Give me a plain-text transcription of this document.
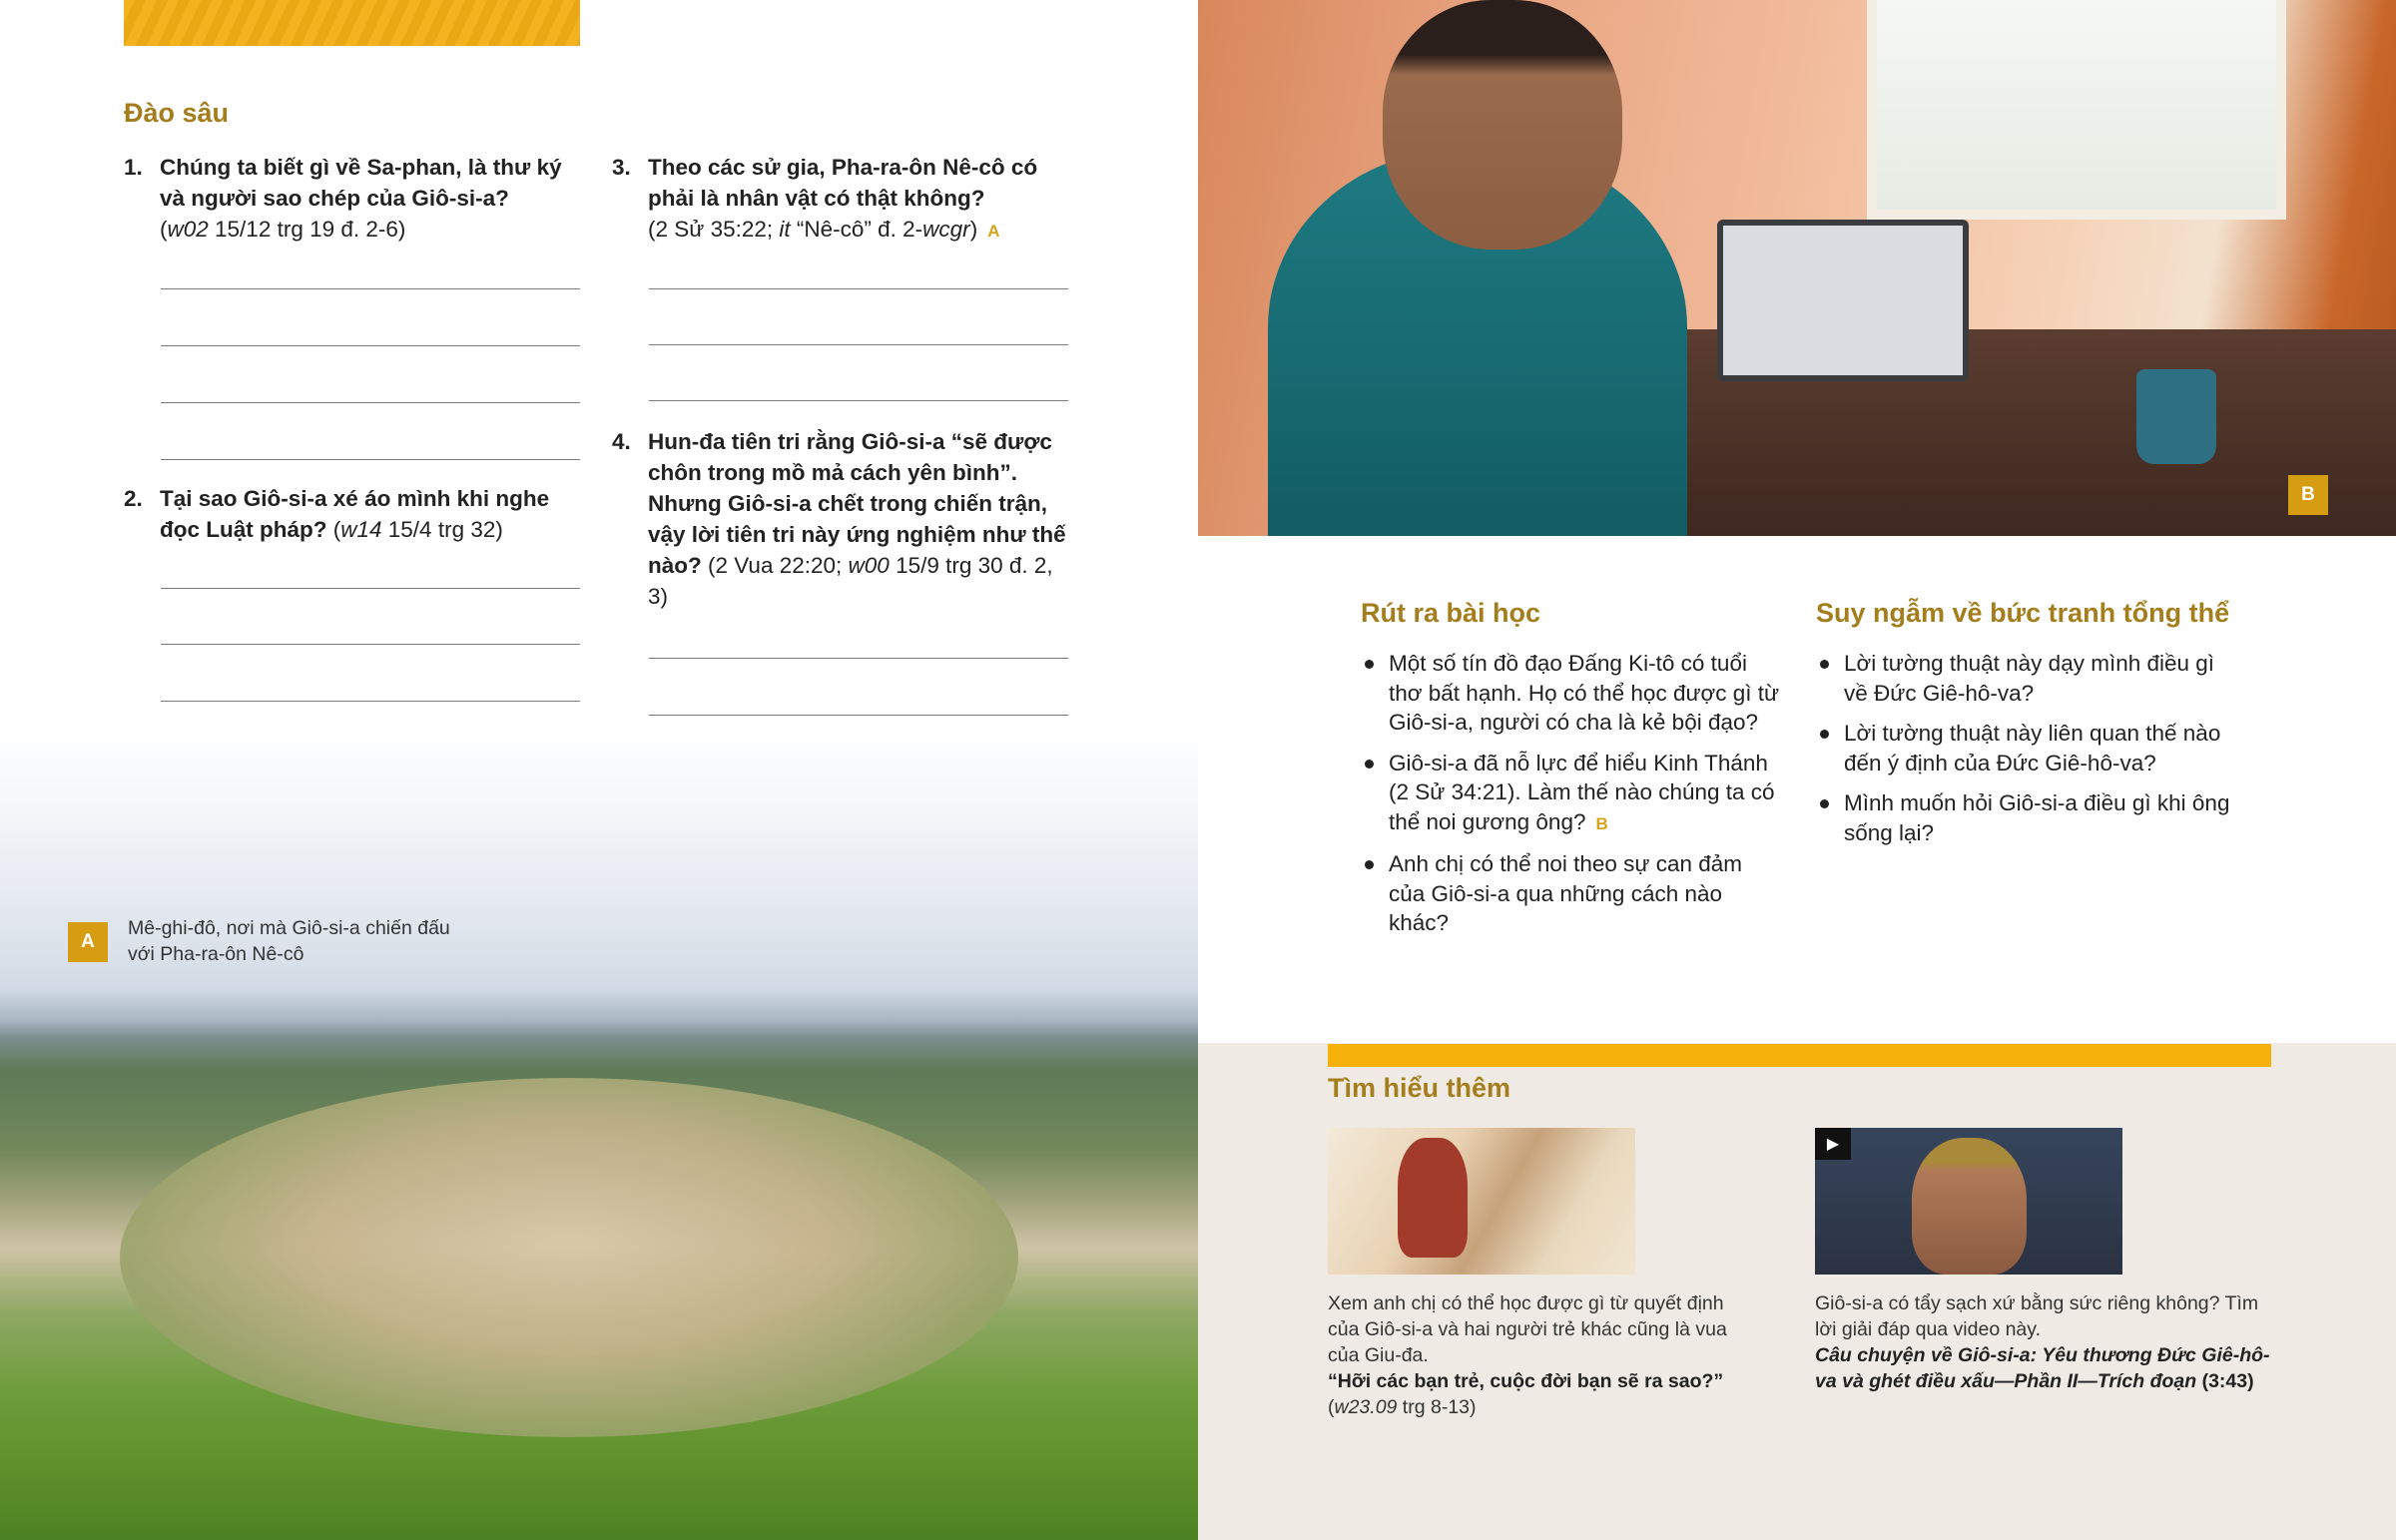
Đào sâu
1. Chúng ta biết gì về Sa-phan, là thư ký và người sao chép của Giô-si-a?
(w02 15/12 trg 19 đ. 2-6)
2. Tại sao Giô-si-a xé áo mình khi nghe đọc Luật pháp? (w14 15/4 trg 32)
3. Theo các sử gia, Pha-ra-ôn Nê-cô có phải là nhân vật có thật không?
(2 Sử 35:22; it “Nê-cô” đ. 2-wcgr) A
4. Hun-đa tiên tri rằng Giô-si-a “sẽ được chôn trong mồ mả cách yên bình”. Nhưng Giô-si-a chết trong chiến trận, vậy lời tiên tri này ứng nghiệm như thế nào? (2 Vua 22:20; w00 15/9 trg 30 đ. 2, 3)
A
Mê-ghi-đô, nơi mà Giô-si-a chiến đấu
với Pha-ra-ôn Nê-cô
B
Rút ra bài học
Một số tín đồ đạo Đấng Ki-tô có tuổi thơ bất hạnh. Họ có thể học được gì từ Giô-si-a, người có cha là kẻ bội đạo?
Giô-si-a đã nỗ lực để hiểu Kinh Thánh (2 Sử 34:21). Làm thế nào chúng ta có thể noi gương ông? B
Anh chị có thể noi theo sự can đảm của Giô-si-a qua những cách nào khác?
Suy ngẫm về bức tranh tổng thể
Lời tường thuật này dạy mình điều gì về Đức Giê-hô-va?
Lời tường thuật này liên quan thế nào đến ý định của Đức Giê-hô-va?
Mình muốn hỏi Giô-si-a điều gì khi ông sống lại?
Tìm hiểu thêm
Xem anh chị có thể học được gì từ quyết định của Giô-si-a và hai người trẻ khác cũng là vua của Giu-đa.
“Hỡi các bạn trẻ, cuộc đời bạn sẽ ra sao?”
(w23.09 trg 8-13)
▶
Giô-si-a có tẩy sạch xứ bằng sức riêng không? Tìm lời giải đáp qua video này.
Câu chuyện về Giô-si-a: Yêu thương Đức Giê-hô-va và ghét điều xấu—Phần II—Trích đoạn (3:43)
